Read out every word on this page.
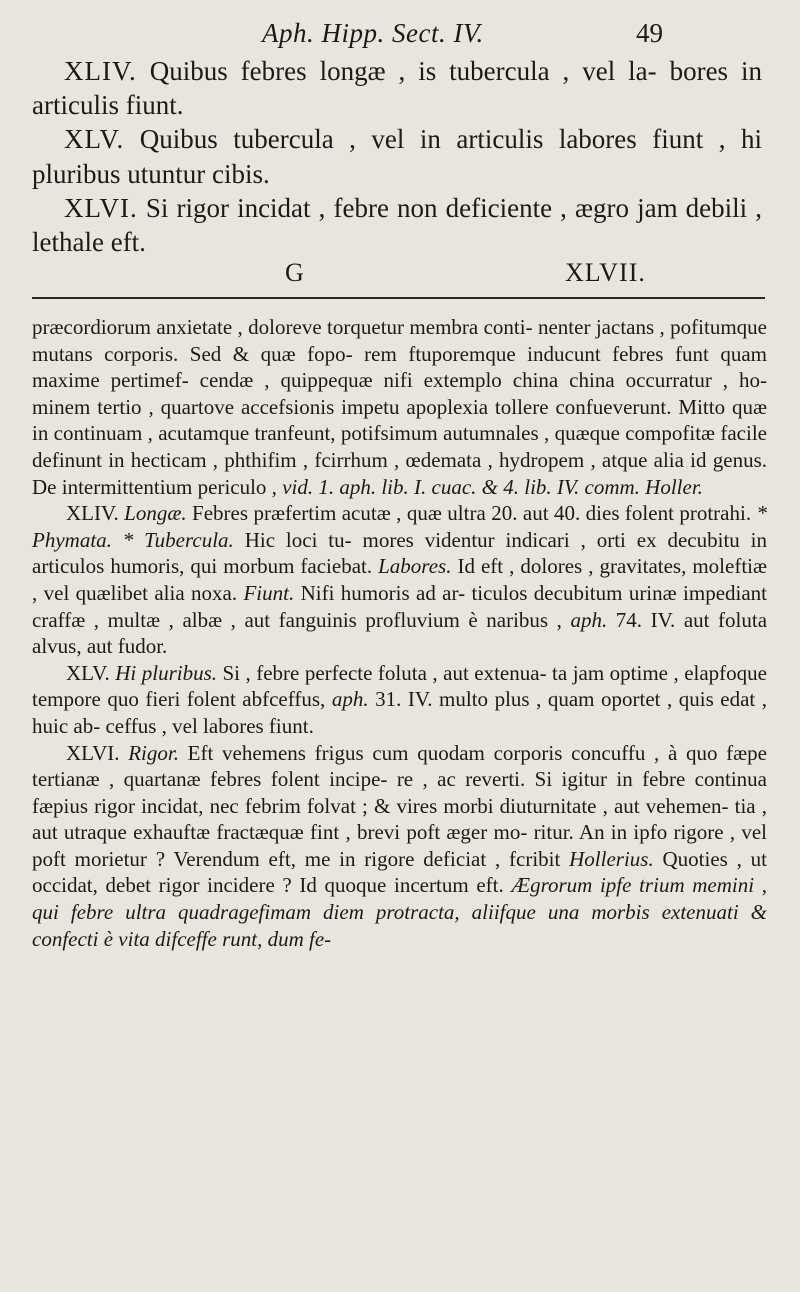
Aph. Hipp. Sect. IV.	49

XLIV. Quibus febres longæ , is tubercula , vel la- bores in articulis fiunt.

XLV. Quibus tubercula , vel in articulis labores fiunt , hi pluribus utuntur cibis.

XLVI. Si rigor incidat , febre non deficiente , ægro jam debili , lethale eft.

G	XLVII.

præcordiorum anxietate , doloreve torquetur membra conti- nenter jactans , pofitumque mutans corporis. Sed & quæ fopo- rem ftuporemque inducunt febres funt quam maxime pertimef- cendæ , quippequæ nifi extemplo china china occurratur , ho- minem tertio , quartove accefsionis impetu apoplexia tollere confueverunt. Mitto quæ in continuam , acutamque tranfeunt, potifsimum autumnales , quæque compofitæ facile definunt in hecticam , phthifim , fcirrhum , œdemata , hydropem , atque alia id genus. De intermittentium periculo , vid. 1. aph. lib. I. cuac. & 4. lib. IV. comm. Holler.

XLIV. Longæ. Febres præfertim acutæ , quæ ultra 20. aut 40. dies folent protrahi. * Phymata. * Tubercula. Hic loci tu- mores videntur indicari , orti ex decubitu in articulos humoris, qui morbum faciebat. Labores. Id eft , dolores , gravitates, moleftiæ , vel quælibet alia noxa. Fiunt. Nifi humoris ad ar- ticulos decubitum urinæ impediant craffæ , multæ , albæ , aut fanguinis profluvium è naribus , aph. 74. IV. aut foluta alvus, aut fudor.

XLV. Hi pluribus. Si , febre perfecte foluta , aut extenua- ta jam optime , elapfoque tempore quo fieri folent abfceffus, aph. 31. IV. multo plus , quam oportet , quis edat , huic ab- ceffus , vel labores fiunt.

XLVI. Rigor. Eft vehemens frigus cum quodam corporis concuffu , à quo fæpe tertianæ , quartanæ febres folent incipe- re , ac reverti. Si igitur in febre continua fæpius rigor incidat, nec febrim folvat ; & vires morbi diuturnitate , aut vehemen- tia , aut utraque exhauftæ fractæquæ fint , brevi poft æger mo- ritur. An in ipfo rigore , vel poft morietur ? Verendum eft, me in rigore deficiat , fcribit Hollerius. Quoties , ut occidat, debet rigor incidere ? Id quoque incertum eft. Ægrorum ipfe trium memini , qui febre ultra quadragefimam diem protracta, aliifque una morbis extenuati & confecti è vita difceffe runt, dum fe-
